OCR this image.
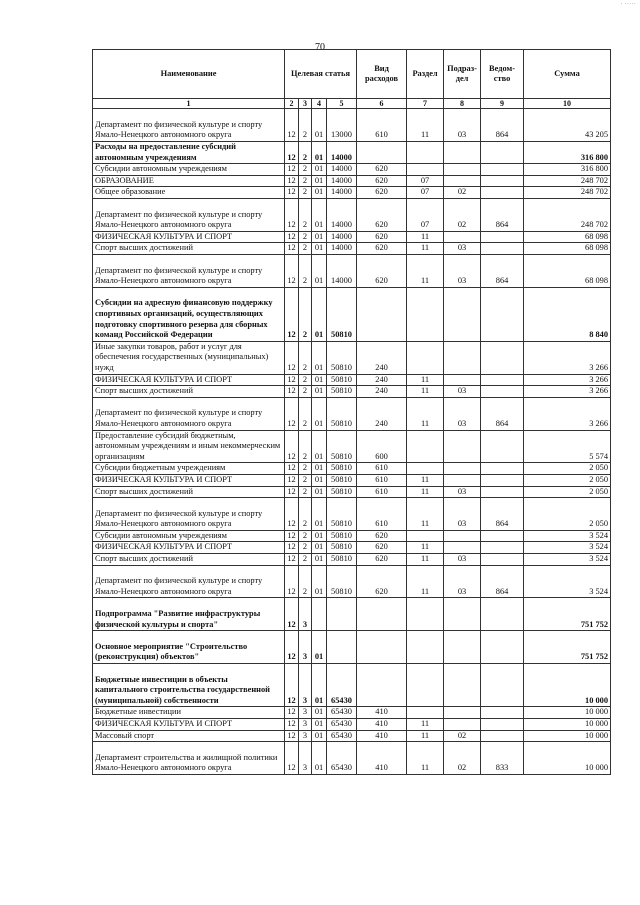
· ·····
70
Наименование	Целевая статья				Вид расходов	Раздел	Подраз-дел	Ведом-ство	Сумма
1	2	3	4	5	6	7	8	9	10
Департамент по физической культуре и спорту Ямало-Ненецкого автономного округа	12	2	01	13000	610	11	03	864	43 205
Расходы на предоставление субсидий автономным учреждениям	12	2	01	14000					316 800
Субсидии автономным учреждениям	12	2	01	14000	620				316 800
ОБРАЗОВАНИЕ	12	2	01	14000	620	07			248 702
Общее образование	12	2	01	14000	620	07	02		248 702
Департамент по физической культуре и спорту Ямало-Ненецкого автономного округа	12	2	01	14000	620	07	02	864	248 702
ФИЗИЧЕСКАЯ КУЛЬТУРА И СПОРТ	12	2	01	14000	620	11			68 098
Спорт высших достижений	12	2	01	14000	620	11	03		68 098
Департамент по физической культуре и спорту Ямало-Ненецкого автономного округа	12	2	01	14000	620	11	03	864	68 098
Субсидии на адресную финансовую поддержку спортивных организаций, осуществляющих подготовку спортивного резерва для сборных команд Российской Федерации	12	2	01	50810					8 840
Иные закупки товаров, работ и услуг для обеспечения государственных (муниципальных) нужд	12	2	01	50810	240				3 266
ФИЗИЧЕСКАЯ КУЛЬТУРА И СПОРТ	12	2	01	50810	240	11			3 266
Спорт высших достижений	12	2	01	50810	240	11	03		3 266
Департамент по физической культуре и спорту Ямало-Ненецкого автономного округа	12	2	01	50810	240	11	03	864	3 266
Предоставление субсидий бюджетным, автономным учреждениям и иным некоммерческим организациям	12	2	01	50810	600				5 574
Субсидии бюджетным учреждениям	12	2	01	50810	610				2 050
ФИЗИЧЕСКАЯ КУЛЬТУРА И СПОРТ	12	2	01	50810	610	11			2 050
Спорт высших достижений	12	2	01	50810	610	11	03		2 050
Департамент по физической культуре и спорту Ямало-Ненецкого автономного округа	12	2	01	50810	610	11	03	864	2 050
Субсидии автономным учреждениям	12	2	01	50810	620				3 524
ФИЗИЧЕСКАЯ КУЛЬТУРА И СПОРТ	12	2	01	50810	620	11			3 524
Спорт высших достижений	12	2	01	50810	620	11	03		3 524
Департамент по физической культуре и спорту Ямало-Ненецкого автономного округа	12	2	01	50810	620	11	03	864	3 524
Подпрограмма "Развитие инфраструктуры физической культуры и спорта"	12	3							751 752
Основное мероприятие "Строительство (реконструкция) объектов"	12	3	01						751 752
Бюджетные инвестиции в объекты капитального строительства государственной (муниципальной) собственности	12	3	01	65430					10 000
Бюджетные инвестиции	12	3	01	65430	410				10 000
ФИЗИЧЕСКАЯ КУЛЬТУРА И СПОРТ	12	3	01	65430	410	11			10 000
Массовый спорт	12	3	01	65430	410	11	02		10 000
Департамент строительства и жилищной политики Ямало-Ненецкого автономного округа	12	3	01	65430	410	11	02	833	10 000
